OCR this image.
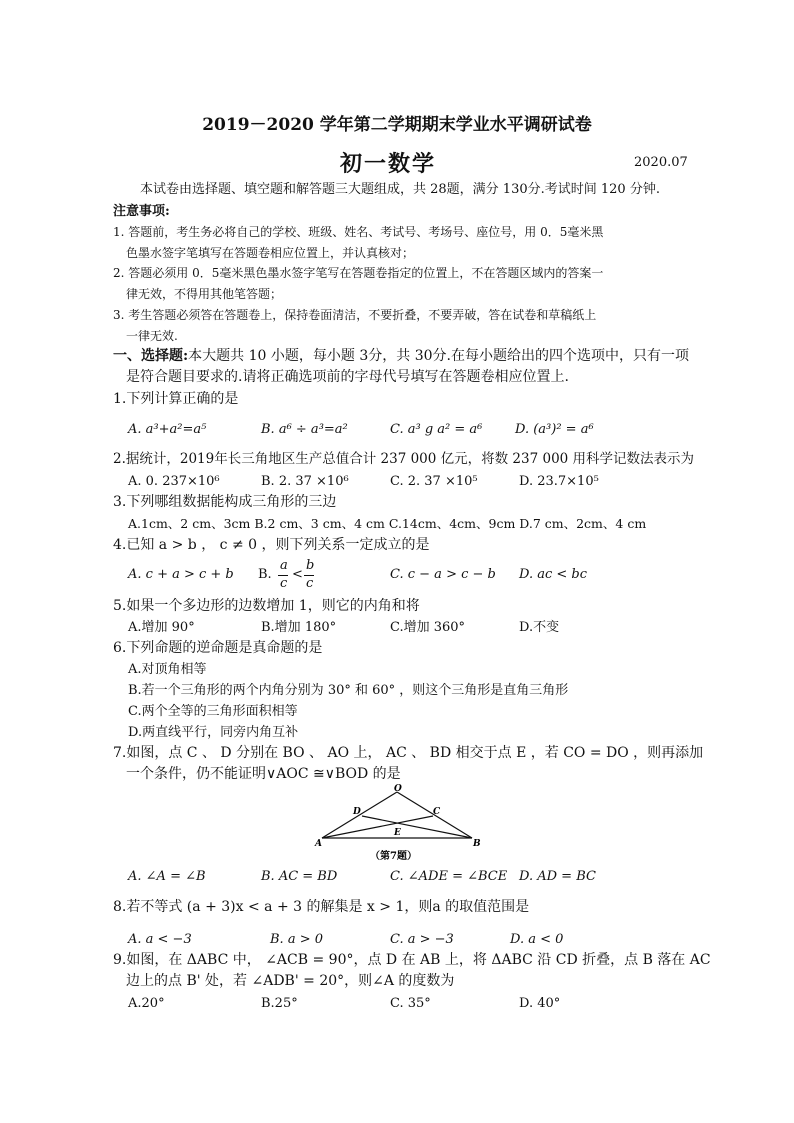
2019－2020 学年第二学期期末学业水平调研试卷
初一数学	2020.07
本试卷由选择题、填空题和解答题三大题组成，共 28题，满分 130分.考试时间 120 分钟.
注意事项:
1. 答题前，考生务必将自己的学校、班级、姓名、考试号、考场号、座位号，用 0．5毫米黑
色墨水签字笔填写在答题卷相应位置上，并认真核对；
2. 答题必须用 0．5毫米黑色墨水签字笔写在答题卷指定的位置上，不在答题区域内的答案一
律无效，不得用其他笔答题；
3. 考生答题必须答在答题卷上，保持卷面清洁，不要折叠，不要弄破，答在试卷和草稿纸上
一律无效.
一、选择题:本大题共 10 小题，每小题 3分，共 30分.在每小题给出的四个选项中，只有一项
是符合题目要求的.请将正确选项前的字母代号填写在答题卷相应位置上.
1.下列计算正确的是
A. a³+a²=a⁵	B. a⁶ ÷ a³=a²	C. a³ g a² = a⁶	D. (a³)² = a⁶
2.据统计，2019年长三角地区生产总值合计 237 000 亿元，将数 237 000 用科学记数法表示为
A. 0. 237×10⁶	B. 2. 37 ×10⁶	C. 2. 37 ×10⁵	D. 23.7×10⁵
3.下列哪组数据能构成三角形的三边
A.1cm、2 cm、3cm B.2 cm、3 cm、4 cm C.14cm、4cm、9cm D.7 cm、2cm、4 cm
4.已知 a > b ， c ≠ 0 ，则下列关系一定成立的是
A. c + a > c + b B.
a
c
<
b
c
C. c − a > c − b D. ac < bc
5.如果一个多边形的边数增加 1，则它的内角和将
A.增加 90°	B.增加 180°	C.增加 360°	D.不变
6.下列命题的逆命题是真命题的是
A.对顶角相等
B.若一个三角形的两个内角分别为 30° 和 60° ，则这个三角形是直角三角形
C.两个全等的三角形面积相等
D.两直线平行，同旁内角互补
7.如图，点 C 、 D 分别在 BO 、 AO 上， AC 、 BD 相交于点 E ，若 CO = DO ，则再添加
一个条件，仍不能证明∨AOC ≅∨BOD 的是
O
D	C
E
A	B
（第7题）
A. ∠A = ∠B	B. AC = BD	C. ∠ADE = ∠BCE D. AD = BC
8.若不等式 (a + 3)x < a + 3 的解集是 x > 1，则a 的取值范围是
A. a < −3	B. a > 0	C. a > −3	D. a < 0
9.如图，在 ΔABC 中， ∠ACB = 90°，点 D 在 AB 上，将 ΔABC 沿 CD 折叠，点 B 落在 AC
边上的点 B' 处，若 ∠ADB' = 20°，则∠A 的度数为
A.20°	B.25°	C. 35°	D. 40°
